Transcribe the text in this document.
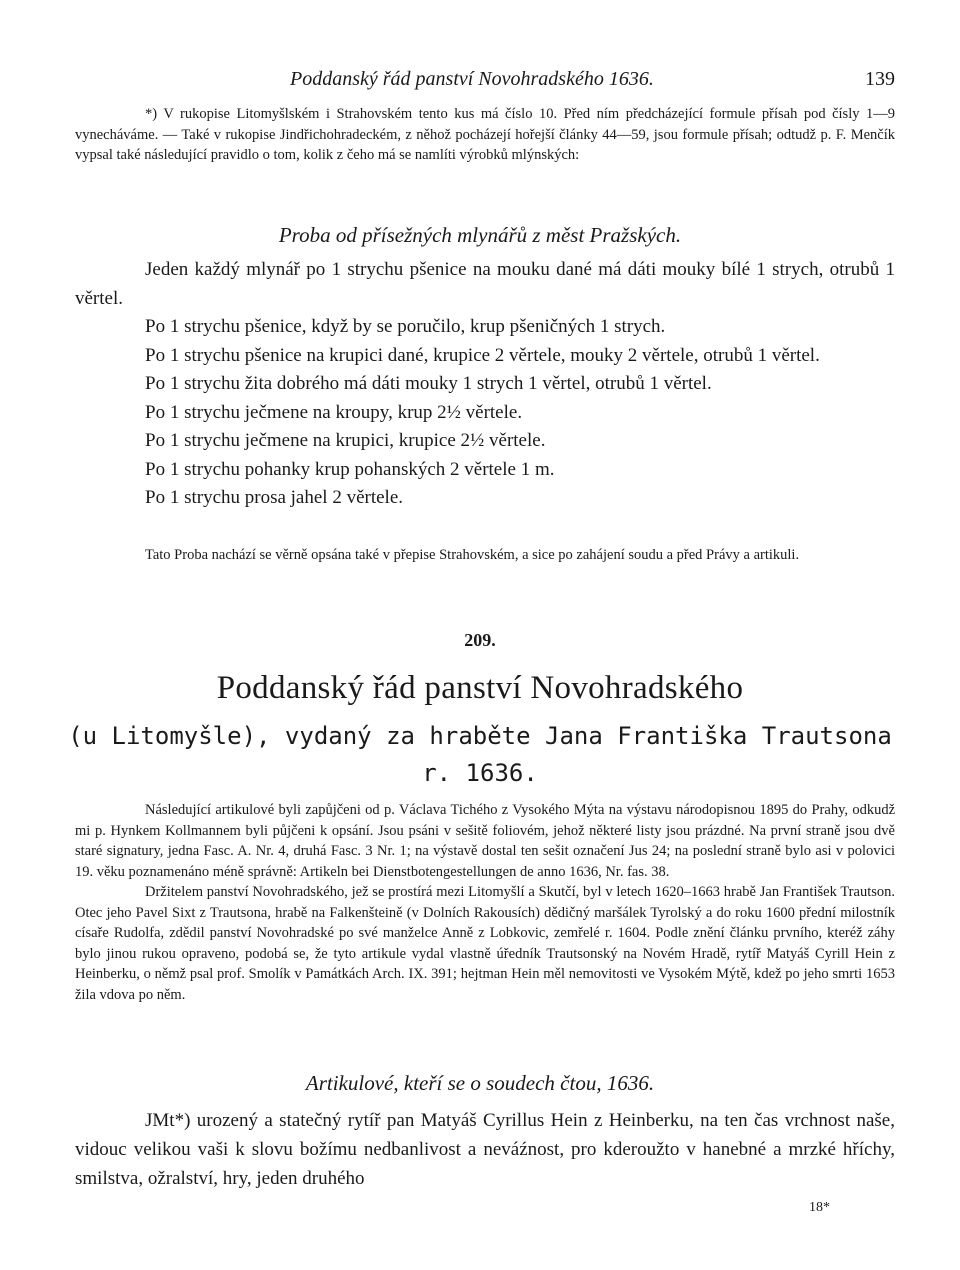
Poddanský řád panství Novohradského 1636.	139

*) V rukopise Litomyšlském i Strahovském tento kus má číslo 10. Před ním předcházející formule přísah pod čísly 1—9 vynecháváme. — Také v rukopise Jindřichohradeckém, z něhož pocházejí hořejší články 44—59, jsou formule přísah; odtudž p. F. Menčík vypsal také následující pravidlo o tom, kolik z čeho má se namlíti výrobků mlýnských:

Proba od přísežných mlynářů z měst Pražských.
Jeden každý mlynář po 1 strychu pšenice na mouku dané má dáti mouky bílé 1 strych, otrubů 1 věrtel.
Po 1 strychu pšenice, když by se poručilo, krup pšeničných 1 strych.
Po 1 strychu pšenice na krupici dané, krupice 2 věrtele, mouky 2 věrtele, otrubů 1 věrtel.
Po 1 strychu žita dobrého má dáti mouky 1 strych 1 věrtel, otrubů 1 věrtel.
Po 1 strychu ječmene na kroupy, krup 2½ věrtele.
Po 1 strychu ječmene na krupici, krupice 2½ věrtele.
Po 1 strychu pohanky krup pohanských 2 věrtele 1 m.
Po 1 strychu prosa jahel 2 věrtele.

Tato Proba nachází se věrně opsána také v přepise Strahovském, a sice po zahájení soudu a před Právy a artikuli.

209.
Poddanský řád panství Novohradského
(u Litomyšle), vydaný za hraběte Jana Františka Trautsona
r. 1636.
Následující artikulové byli zapůjčeni od p. Václava Tichého z Vysokého Mýta na výstavu národopisnou 1895 do Prahy, odkudž mi p. Hynkem Kollmannem byli půjčeni k opsání. Jsou psáni v sešitě foliovém, jehož některé listy jsou prázdné. Na první straně jsou dvě staré signatury, jedna Fasc. A. Nr. 4, druhá Fasc. 3 Nr. 1; na výstavě dostal ten sešit označení Jus 24; na poslední straně bylo asi v polovici 19. věku poznamenáno méně správně: Artikeln bei Dienstbotengestellungen de anno 1636, Nr. fas. 38.
Držitelem panství Novohradského, jež se prostírá mezi Litomyšlí a Skutčí, byl v letech 1620–1663 hrabě Jan František Trautson. Otec jeho Pavel Sixt z Trautsona, hrabě na Falkenšteině (v Dolních Rakousích) dědičný maršálek Tyrolský a do roku 1600 přední milostník císaře Rudolfa, zdědil panství Novohradské po své manželce Anně z Lobkovic, zemřelé r. 1604. Podle znění článku prvního, kteréž záhy bylo jinou rukou opraveno, podobá se, že tyto artikule vydal vlastně úředník Trautsonský na Novém Hradě, rytíř Matyáš Cyrill Hein z Heinberku, o němž psal prof. Smolík v Památkách Arch. IX. 391; hejtman Hein měl nemovitosti ve Vysokém Mýtě, kdež po jeho smrti 1653 žila vdova po něm.
Artikulové, kteří se o soudech čtou, 1636.

JMt*) urozený a statečný rytíř pan Matyáš Cyrillus Hein z Heinberku, na ten čas vrchnost naše, vidouc velikou vaši k slovu božímu nedbanlivost a neváźnost, pro kderoužto v hanebné a mrzké hříchy, smilstva, ožralství, hry, jeden druhého

18*
